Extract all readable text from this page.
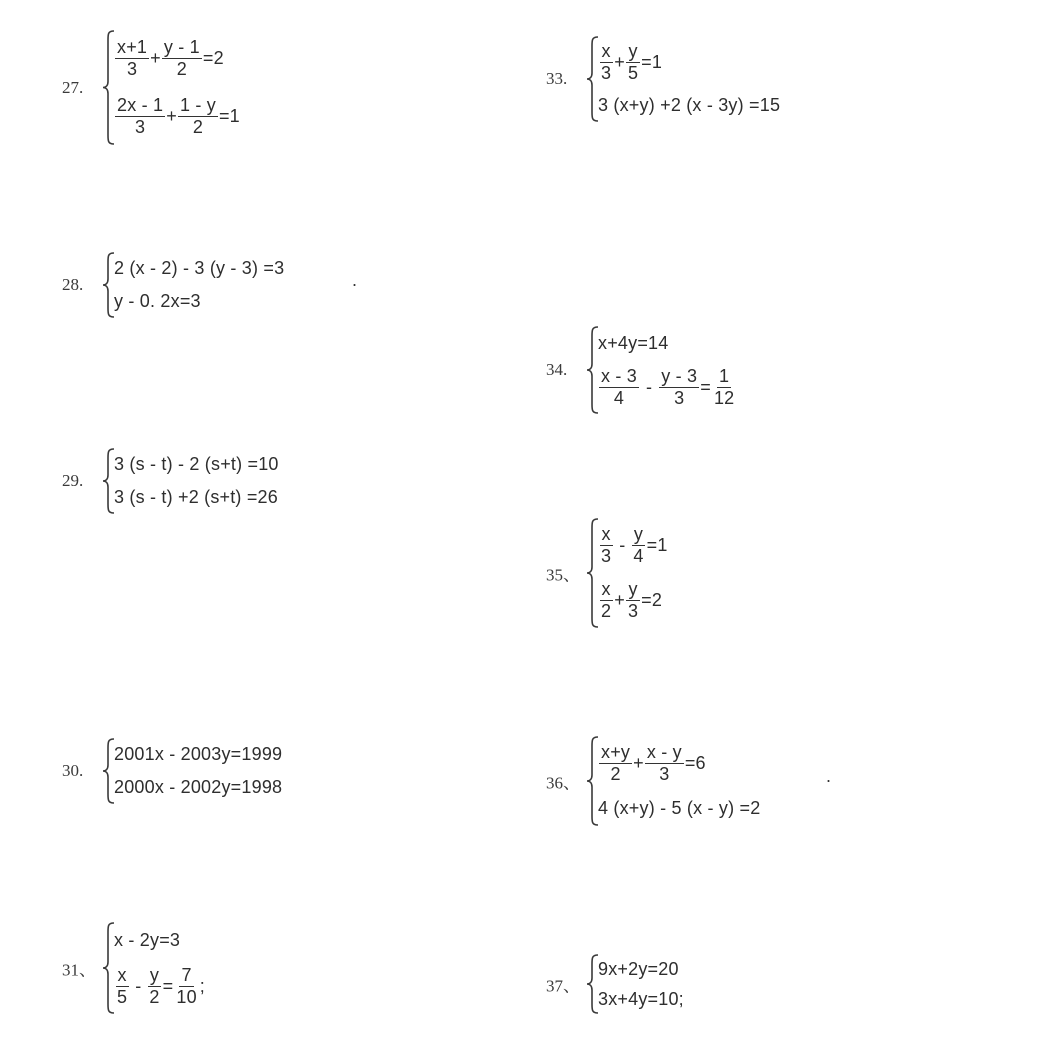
27.
$\frac{x+1}{3} + \frac{y - 1}{2} =2$
$\frac{2x - 1}{3} + \frac{1 - y}{2} =1$
28.
2 (x - 2) - 3 (y - 3) =3
y - 0. 2x=3
.
29.
3 (s - t) - 2 (s+t) =10
3 (s - t) +2 (s+t) =26
30.
2001x - 2003y=1999
2000x - 2002y=1998
31、
x - 2y=3
$\frac{x}{5} - \frac{y}{2} = \frac{7}{10}$ ;
33. $\frac{x}{3} + \frac{y}{5} =1$
3 (x+y) +2 (x - 3y) =15
34.
x+4y=14
$\frac{x - 3}{4} - \frac{y - 3}{3} = \frac{1}{12}$
35、
$\frac{x}{3} - \frac{y}{4} =1$
$\frac{x}{2} + \frac{y}{3} =2$
36、 $\frac{x+y}{2} + \frac{x - y}{3} =6$
4 (x+y) - 5 (x - y) =2
.
37、
9x+2y=20
3x+4y=10 ;
